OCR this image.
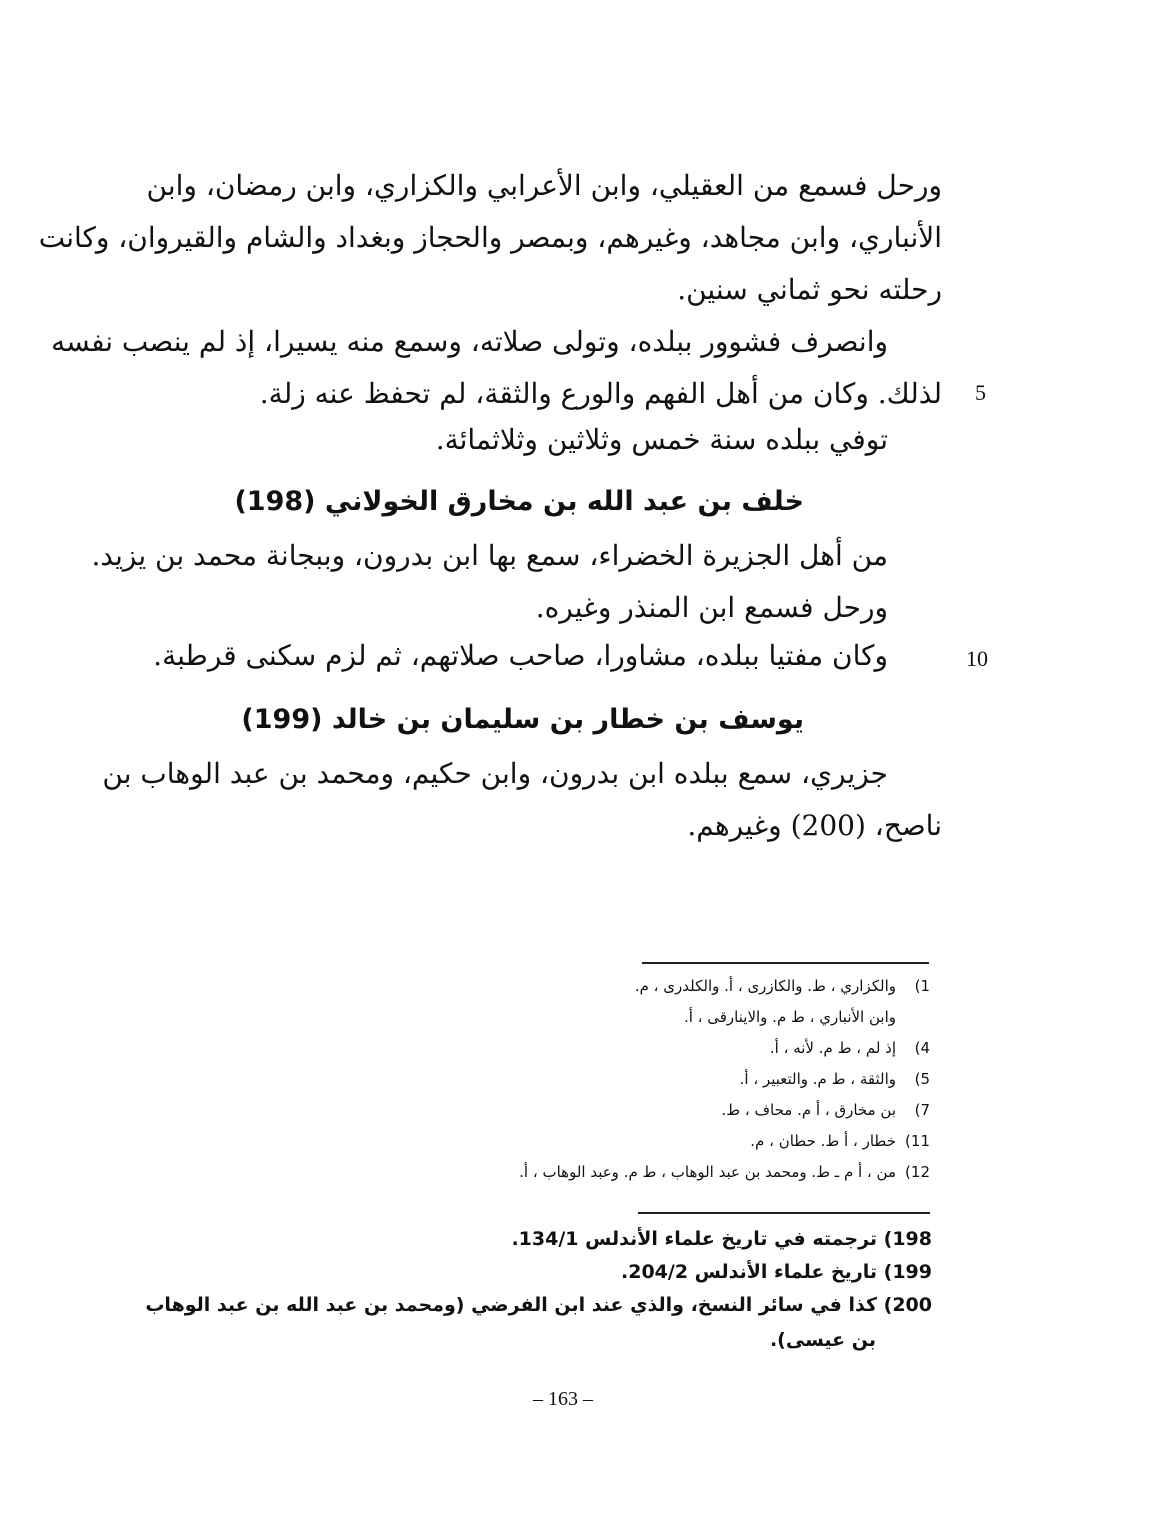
ورحل فسمع من العقيلي، وابن الأعرابي والكزاري، وابن رمضان، وابن
الأنباري، وابن مجاهد، وغيرهم، وبمصر والحجاز وبغداد والشام والقيروان، وكانت
رحلته نحو ثماني سنين.
وانصرف فشوور ببلده، وتولى صلاته، وسمع منه يسيرا، إذ لم ينصب نفسه
لذلك. وكان من أهل الفهم والورع والثقة، لم تحفظ عنه زلة. 5
توفي ببلده سنة خمس وثلاثين وثلاثمائة.
خلف بن عبد الله بن مخارق الخولاني (198)
من أهل الجزيرة الخضراء، سمع بها ابن بدرون، وببجانة محمد بن يزيد.
ورحل فسمع ابن المنذر وغيره.
10
وكان مفتيا ببلده، مشاورا، صاحب صلاتهم، ثم لزم سكنى قرطبة.
يوسف بن خطار بن سليمان بن خالد (199)
جزيري، سمع ببلده ابن بدرون، وابن حكيم، ومحمد بن عبد الوهاب بن
ناصح، (200) وغيرهم.
1)والكزاري ، ط. والكازرى ، أ. والكلدرى ، م.
وابن الأنباري ، ط م. والاينارقى ، أ.
4)إذ لم ، ط م. لأنه ، أ.
5)والثقة ، ط م. والتعبير ، أ.
7)بن مخارق ، أ م. محاف ، ط.
11)خطار ، أ ط. حطان ، م.
12)من ، أ م ـ ط. ومحمد بن عبد الوهاب ، ط م. وعبد الوهاب ، أ.
198) ترجمته في تاريخ علماء الأندلس 134/1.
199) تاريخ علماء الأندلس 204/2.
200) كذا في سائر النسخ، والذي عند ابن الفرضي (ومحمد بن عبد الله بن عبد الوهاب
بن عيسى).
– 163 –
